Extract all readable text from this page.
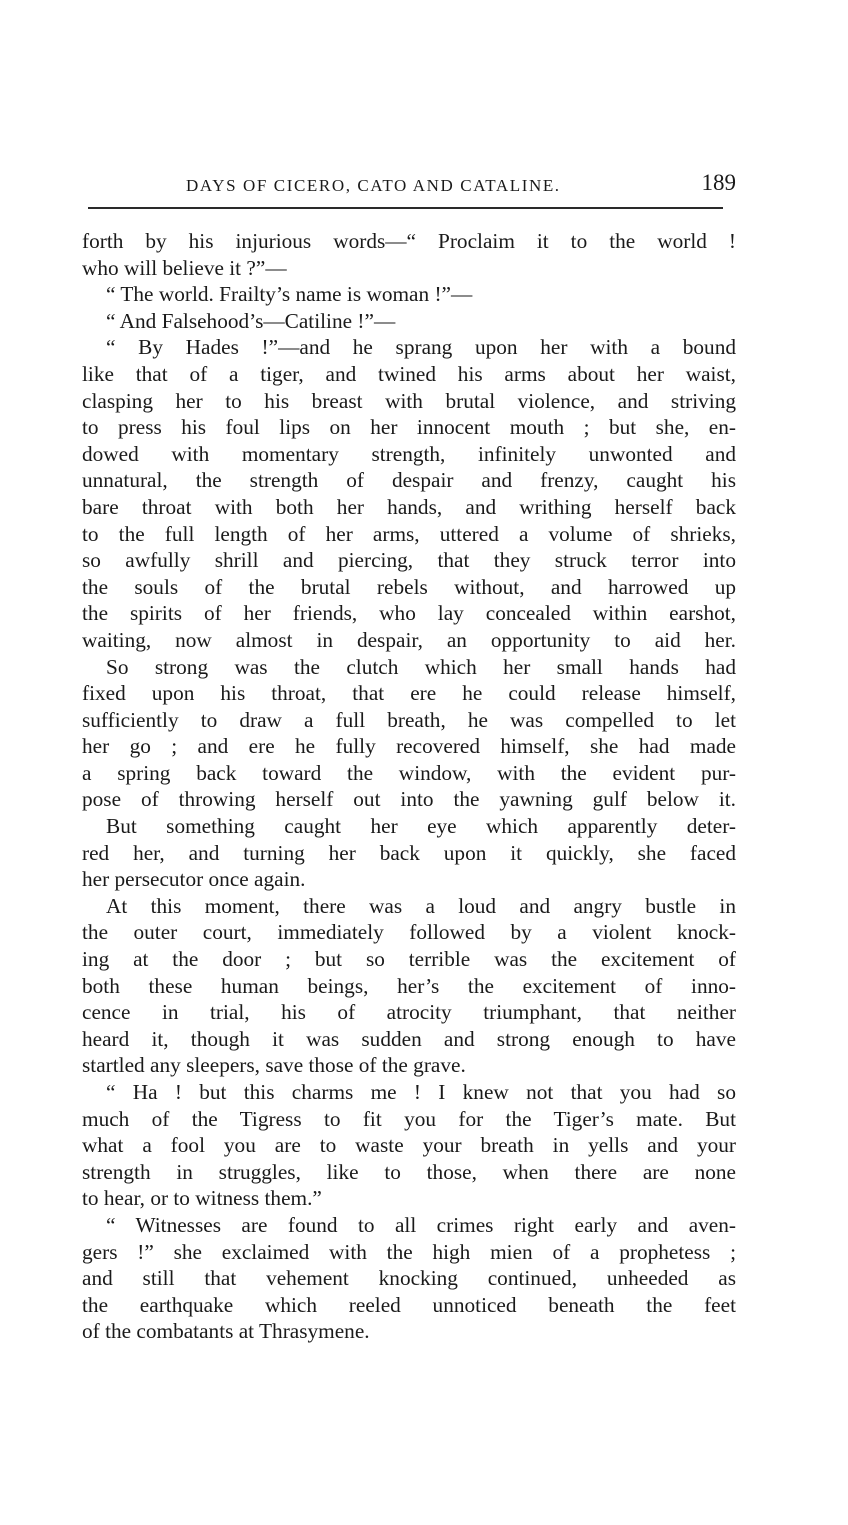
DAYS OF CICERO, CATO AND CATALINE.	189
forth by his injurious words—“ Proclaim it to the world !
who will believe it ?”—
“ The world. Frailty’s name is woman !”—
“ And Falsehood’s—Catiline !”—
“ By Hades !”—and he sprang upon her with a bound
like that of a tiger, and twined his arms about her waist,
clasping her to his breast with brutal violence, and striving
to press his foul lips on her innocent mouth ; but she, en-
dowed with momentary strength, infinitely unwonted and
unnatural, the strength of despair and frenzy, caught his
bare throat with both her hands, and writhing herself back
to the full length of her arms, uttered a volume of shrieks,
so awfully shrill and piercing, that they struck terror into
the souls of the brutal rebels without, and harrowed up
the spirits of her friends, who lay concealed within earshot,
waiting, now almost in despair, an opportunity to aid her.
So strong was the clutch which her small hands had
fixed upon his throat, that ere he could release himself,
sufficiently to draw a full breath, he was compelled to let
her go ; and ere he fully recovered himself, she had made
a spring back toward the window, with the evident pur-
pose of throwing herself out into the yawning gulf below it.
But something caught her eye which apparently deter-
red her, and turning her back upon it quickly, she faced
her persecutor once again.
At this moment, there was a loud and angry bustle in
the outer court, immediately followed by a violent knock-
ing at the door ; but so terrible was the excitement of
both these human beings, her’s the excitement of inno-
cence in trial, his of atrocity triumphant, that neither
heard it, though it was sudden and strong enough to have
startled any sleepers, save those of the grave.
“ Ha ! but this charms me ! I knew not that you had so
much of the Tigress to fit you for the Tiger’s mate. But
what a fool you are to waste your breath in yells and your
strength in struggles, like to those, when there are none
to hear, or to witness them.”
“ Witnesses are found to all crimes right early and aven-
gers !” she exclaimed with the high mien of a prophetess ;
and still that vehement knocking continued, unheeded as
the earthquake which reeled unnoticed beneath the feet
of the combatants at Thrasymene.
